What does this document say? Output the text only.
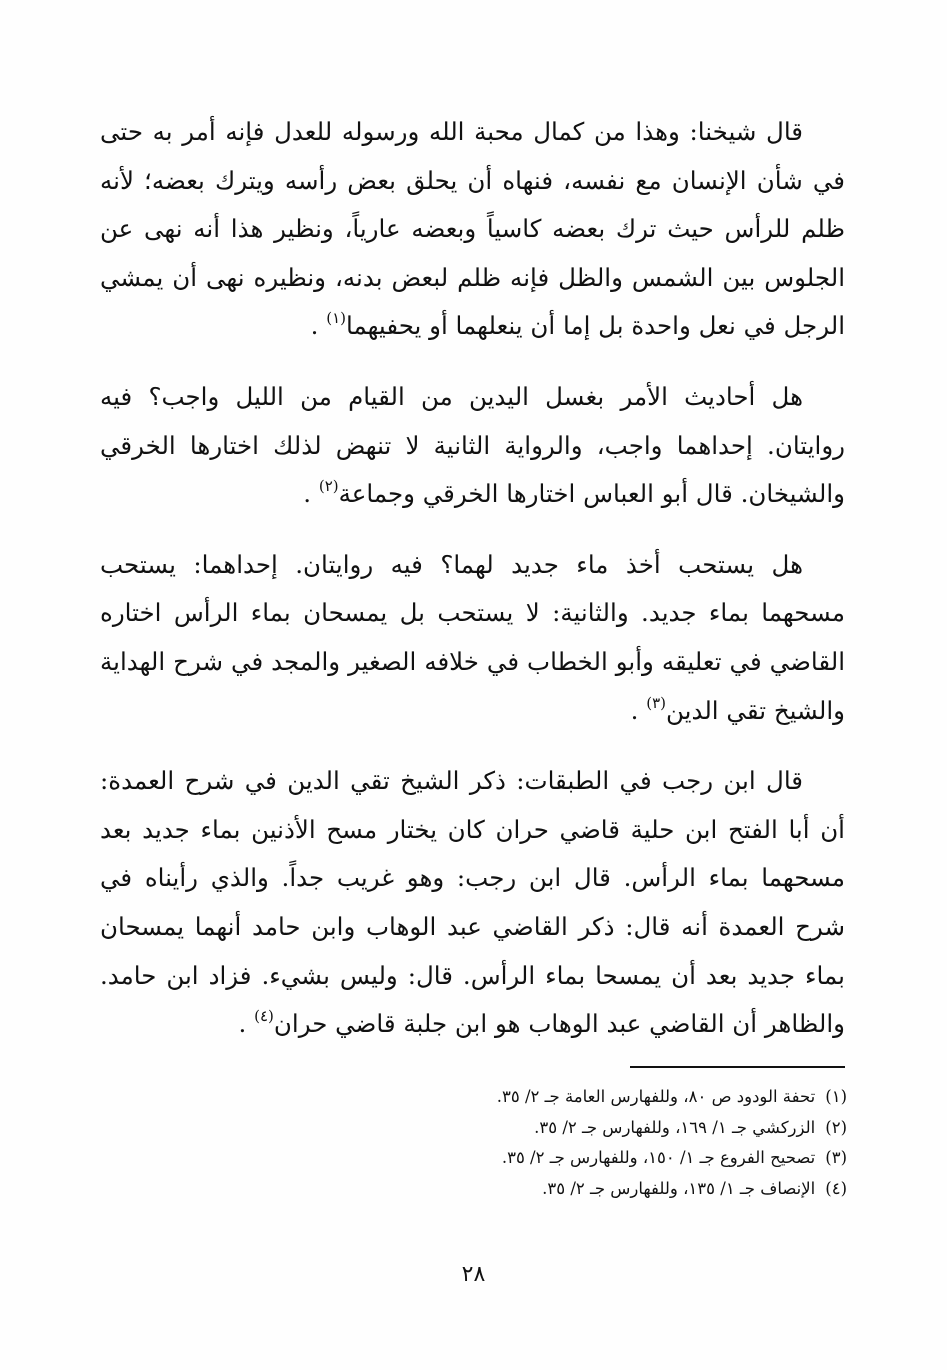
قال شيخنا: وهذا من كمال محبة الله ورسوله للعدل فإنه أمر به حتى في شأن الإنسان مع نفسه، فنهاه أن يحلق بعض رأسه ويترك بعضه؛ لأنه ظلم للرأس حيث ترك بعضه كاسياً وبعضه عارياً، ونظير هذا أنه نهى عن الجلوس بين الشمس والظل فإنه ظلم لبعض بدنه، ونظيره نهى أن يمشي الرجل في نعل واحدة بل إما أن ينعلهما أو يحفيهما$^{(١)}$ .

هل أحاديث الأمر بغسل اليدين من القيام من الليل واجب؟ فيه روايتان. إحداهما واجب، والرواية الثانية لا تنهض لذلك اختارها الخرقي والشيخان. قال أبو العباس اختارها الخرقي وجماعة$^{(٢)}$ .

هل يستحب أخذ ماء جديد لهما؟ فيه روايتان. إحداهما: يستحب مسحهما بماء جديد. والثانية: لا يستحب بل يمسحان بماء الرأس اختاره القاضي في تعليقه وأبو الخطاب في خلافه الصغير والمجد في شرح الهداية والشيخ تقي الدين$^{(٣)}$ .

قال ابن رجب في الطبقات: ذكر الشيخ تقي الدين في شرح العمدة: أن أبا الفتح ابن حلية قاضي حران كان يختار مسح الأذنين بماء جديد بعد مسحهما بماء الرأس. قال ابن رجب: وهو غريب جداً. والذي رأيناه في شرح العمدة أنه قال: ذكر القاضي عبد الوهاب وابن حامد أنهما يمسحان بماء جديد بعد أن يمسحا بماء الرأس. قال: وليس بشيء. فزاد ابن حامد. والظاهر أن القاضي عبد الوهاب هو ابن جلبة قاضي حران$^{(٤)}$ .

(١)تحفة الودود ص ٨٠، وللفهارس العامة جـ ٢/ ٣٥.
(٢)الزركشي جـ ١/ ١٦٩، وللفهارس جـ ٢/ ٣٥.
(٣)تصحيح الفروع جـ ١/ ١٥٠، وللفهارس جـ ٢/ ٣٥.
(٤)الإنصاف جـ ١/ ١٣٥، وللفهارس جـ ٢/ ٣٥.
٢٨
